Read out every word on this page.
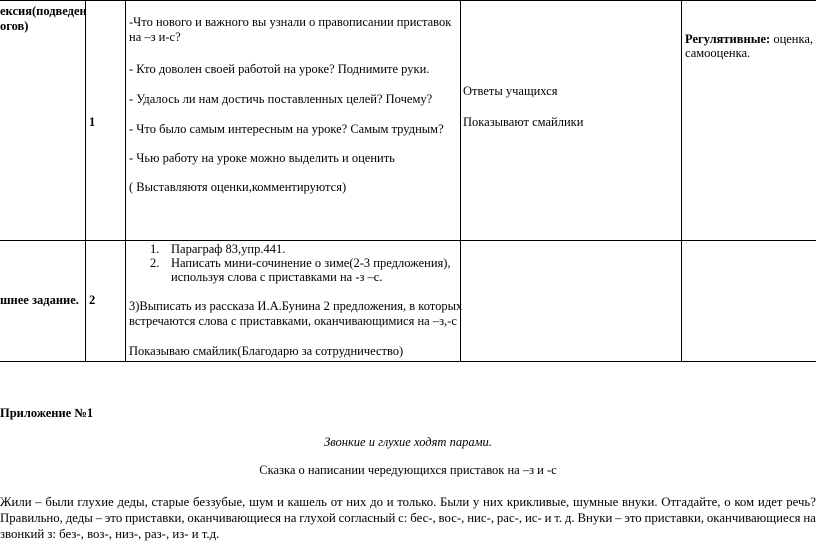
ексия(подведен
огов)
1
-Что нового и важного вы узнали о правописании приставок
на –з и-с?
- Кто доволен своей работой на уроке? Поднимите руки.
- Удалось ли нам достичь поставленных целей? Почему?
- Что было самым интересным на уроке? Самым трудным?
- Чью работу на уроке можно выделить и оценить
( Выставляютя оценки,комментируются)
Ответы учащихся
Показывают смайлики
Регулятивные: оценка,
самооценка.
шнее задание. 2
1. Параграф 83,упр.441.
2. Написать мини-сочинение о зиме(2-3 предложения),
используя слова с приставками на -з –с.
3)Выписать из рассказа И.А.Бунина 2 предложения, в которых
встречаются слова с приставками, оканчивающимися на –з,-с
Показываю смайлик(Благодарю за сотрудничество)
Приложение №1
Звонкие и глухие ходят парами.
Сказка о написании чередующихся приставок на –з и -с
Жили – были глухие деды, старые беззубые, шум и кашель от них до и только. Были у них крикливые, шумные внуки. Отгадайте, о ком идет речь?
Правильно, деды – это приставки, оканчивающиеся на глухой согласный с: бес-, вос-, нис-, рас-, ис- и т. д. Внуки – это приставки, оканчивающиеся на
звонкий з: без-, воз-, низ-, раз-, из- и т.д.
